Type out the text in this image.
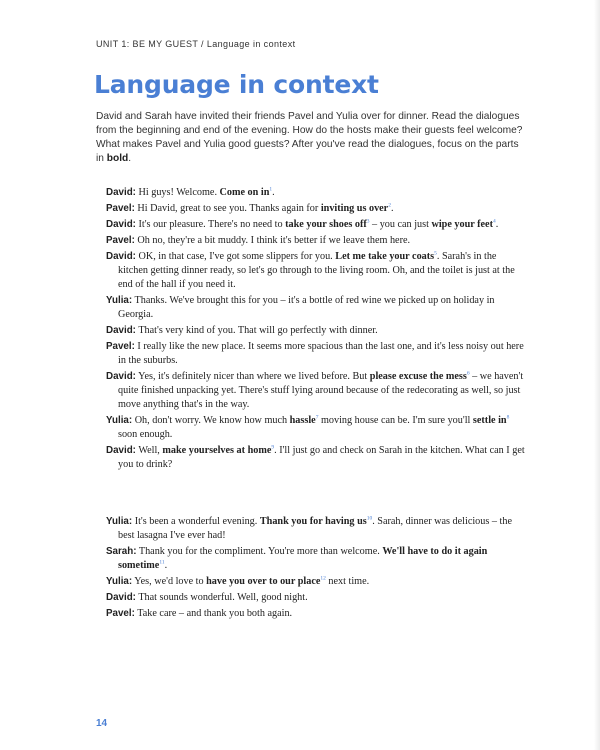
UNIT 1: BE MY GUEST / Language in context
Language in context

David and Sarah have invited their friends Pavel and Yulia over for dinner. Read the dialogues from the beginning and end of the evening. How do the hosts make their guests feel welcome? What makes Pavel and Yulia good guests? After you've read the dialogues, focus on the parts in bold.

David: Hi guys! Welcome. Come on $in^1$.
Pavel: Hi David, great to see you. Thanks again for inviting us over$^2$.
David: It's our pleasure. There's no need to take your shoes off$^3$ – you can just wipe your feet$^4$.
Pavel: Oh no, they're a bit muddy. I think it's better if we leave them here.
David: OK, in that case, I've got some slippers for you. Let me take your coats$^5$. Sarah's in the kitchen getting dinner ready, so let's go through to the living room. Oh, and the toilet is just at the end of the hall if you need it.
Yulia: Thanks. We've brought this for you – it's a bottle of red wine we picked up on holiday in Georgia.
David: That's very kind of you. That will go perfectly with dinner.
Pavel: I really like the new place. It seems more spacious than the last one, and it's less noisy out here in the suburbs.
David: Yes, it's definitely nicer than where we lived before. But please excuse the mess$^6$ – we haven't quite finished unpacking yet. There's stuff lying around because of the redecorating as well, so just move anything that's in the way.
Yulia: Oh, don't worry. We know how much hassle$^7$ moving house can be. I'm sure you'll settle $in^8$ soon enough.
David: Well, make yourselves at home$^9$. I'll just go and check on Sarah in the kitchen. What can I get you to drink?
Yulia: It's been a wonderful evening. Thank you for having $us^{10}$. Sarah, dinner was delicious – the best lasagna I've ever had!
Sarah: Thank you for the compliment. You're more than welcome. We'll have to do it again sometime$^{11}$.
Yulia: Yes, we'd love to have you over to our place$^{12}$ next time.
David: That sounds wonderful. Well, good night.
Pavel: Take care – and thank you both again.
14
